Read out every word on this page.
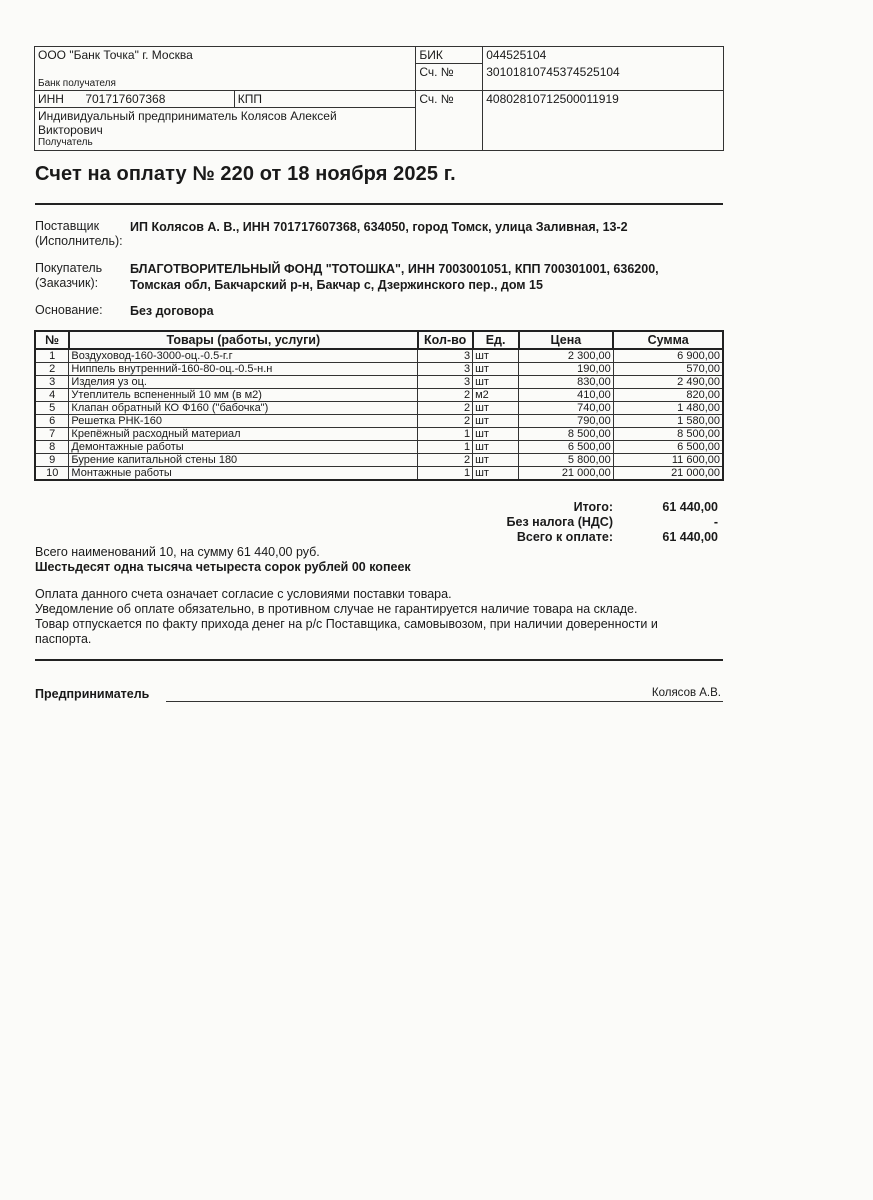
ООО "Банк Точка" г. Москва
Банк получателя		БИК	044525104
		Сч. №	30101810745374525104
ИНН 701717607368	КПП	Сч. №	40802810712500011919

Индивидуальный предприниматель Колясов Алексей
Викторович
Получатель			
Счет на оплату № 220 от 18 ноября 2025 г.
Поставщик
(Исполнитель):
ИП Колясов А. В., ИНН 701717607368, 634050, город Томск, улица Заливная, 13-2
Покупатель
(Заказчик):
БЛАГОТВОРИТЕЛЬНЫЙ ФОНД "ТОТОШКА", ИНН 7003001051, КПП 700301001, 636200,
Томская обл, Бакчарский р-н, Бакчар с, Дзержинского пер., дом 15
Основание:	Без договора
№	Товары (работы, услуги)	Кол-во	Ед.	Цена	Сумма
1	Воздуховод-160-3000-оц.-0.5-г.г	3	шт	2 300,00	6 900,00
2	Ниппель внутренний-160-80-оц.-0.5-н.н	3	шт	190,00	570,00
3	Изделия уз оц.	3	шт	830,00	2 490,00
4	Утеплитель вспененный 10 мм (в м2)	2	м2	410,00	820,00
5	Клапан обратный КО Ф160 ("бабочка")	2	шт	740,00	1 480,00
6	Решетка РНК-160	2	шт	790,00	1 580,00
7	Крепёжный расходный материал	1	шт	8 500,00	8 500,00
8	Демонтажные работы	1	шт	6 500,00	6 500,00
9	Бурение капитальной стены 180	2	шт	5 800,00	11 600,00
10	Монтажные работы	1	шт	21 000,00	21 000,00
Итого:	61 440,00
Без налога (НДС)	-
Всего к оплате:	61 440,00
Всего наименований 10, на сумму 61 440,00 руб.
Шестьдесят одна тысяча четыреста сорок рублей 00 копеек
Оплата данного счета означает согласие с условиями поставки товара.
Уведомление об оплате обязательно, в противном случае не гарантируется наличие товара на складе.
Товар отпускается по факту прихода денег на р/с Поставщика, самовывозом, при наличии доверенности и
паспорта.
Предприниматель	Колясов А.В.
